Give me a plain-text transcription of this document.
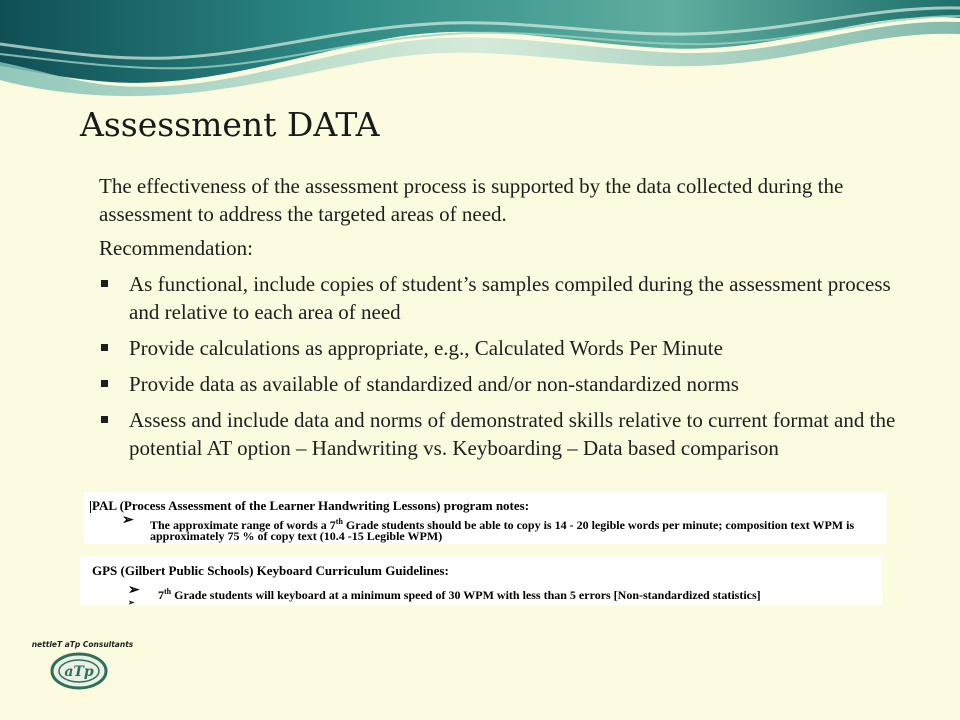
Assessment DATA

The effectiveness of the assessment process is supported by the data collected during the assessment to address the targeted areas of need.

Recommendation:

As functional, include copies of student’s samples compiled during the assessment process and relative to each area of need
Provide calculations as appropriate, e.g., Calculated Words Per Minute
Provide data as available of standardized and/or non-standardized norms
Assess and include data and norms of demonstrated skills relative to current format and the potential AT option – Handwriting vs. Keyboarding – Data based comparison
PAL (Process Assessment of the Learner Handwriting Lessons) program notes:
➢ The approximate range of words a 7th Grade students should be able to copy is 14 - 20 legible words per minute; composition text WPM is
approximately 75 % of copy text (10.4 -15 Legible WPM)
GPS (Gilbert Public Schools) Keyboard Curriculum Guidelines:
➢ 7th Grade students will keyboard at a minimum speed of 30 WPM with less than 5 errors [Non-standardized statistics]
➢
nettleT aTp Consultants
aTp
